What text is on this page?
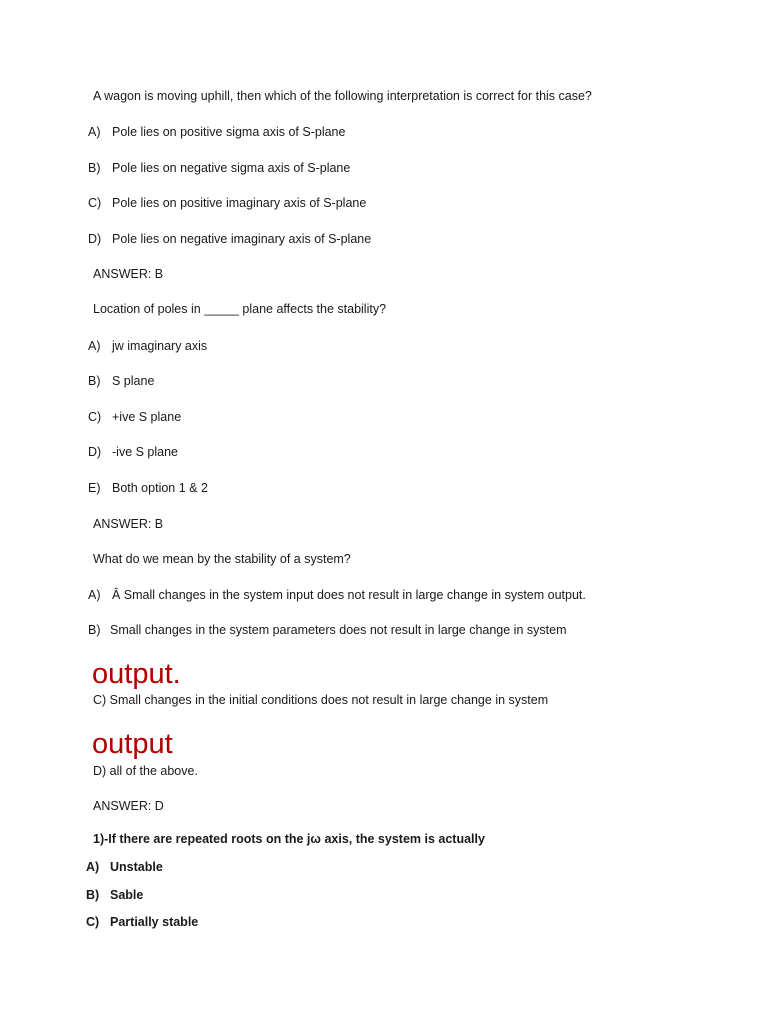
A wagon is moving uphill, then which of the following interpretation is correct for this case?
A) Pole lies on positive sigma axis of S-plane
B) Pole lies on negative sigma axis of S-plane
C) Pole lies on positive imaginary axis of S-plane
D) Pole lies on negative imaginary axis of S-plane
ANSWER: B
Location of poles in _____ plane affects the stability?
A) jw imaginary axis
B) S plane
C) +ive S plane
D) -ive S plane
E) Both option 1 & 2
ANSWER: B
What do we mean by the stability of a system?
A) Â Small changes in the system input does not result in large change in system output.
B) Small changes in the system parameters does not result in large change in system
output.
C) Small changes in the initial conditions does not result in large change in system
output
D) all of the above.
ANSWER: D
1)-If there are repeated roots on the jω axis, the system is actually
A) Unstable
B) Sable
C) Partially stable
